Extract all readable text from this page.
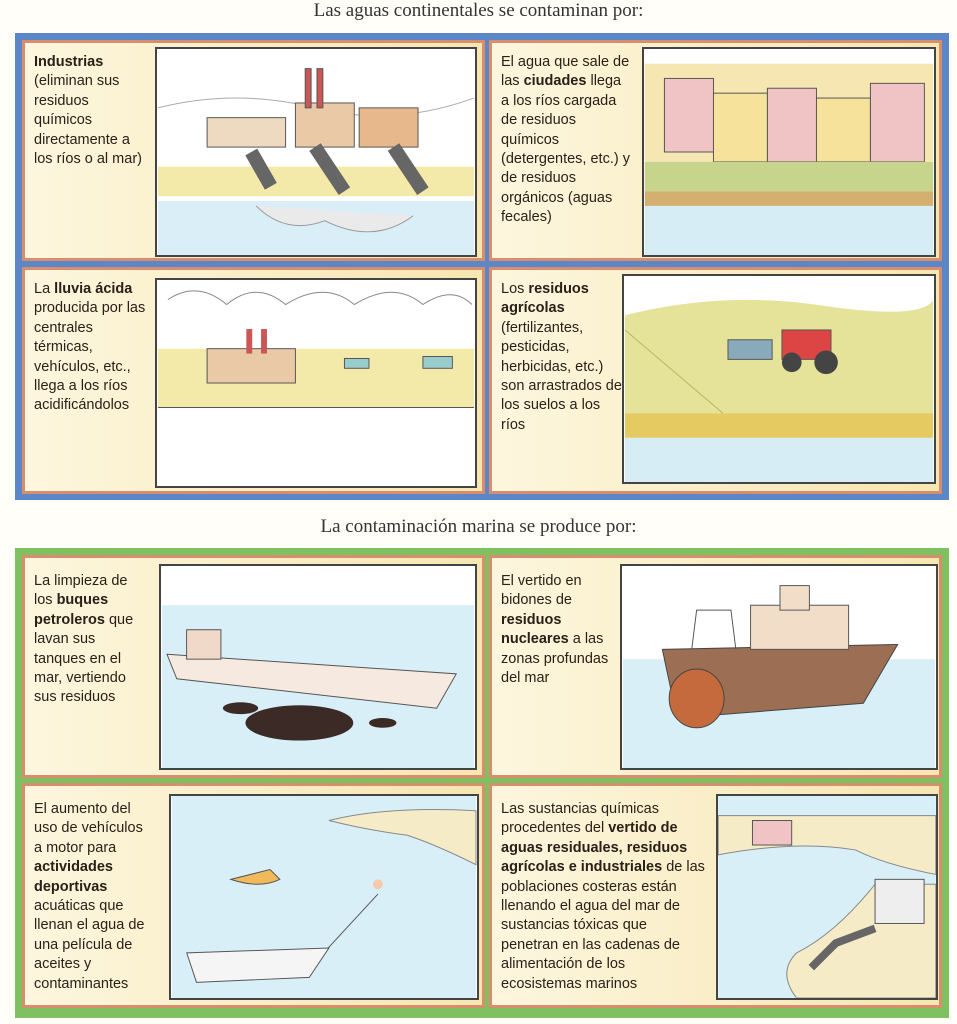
Las aguas continentales se contaminan por:
Industrias (eliminan sus residuos químicos directamente a los ríos o al mar)
El agua que sale de las ciudades llega a los ríos cargada de residuos químicos (detergentes, etc.) y de residuos orgánicos (aguas fecales)
La lluvia ácida producida por las centrales térmicas, vehículos, etc., llega a los ríos acidificándolos
Los residuos agrícolas (fertilizantes, pesticidas, herbicidas, etc.) son arrastrados de los suelos a los ríos
La contaminación marina se produce por:
La limpieza de los buques petroleros que lavan sus tanques en el mar, vertiendo sus residuos
El vertido en bidones de residuos nucleares a las zonas profundas del mar
El aumento del uso de vehículos a motor para actividades deportivas acuáticas que llenan el agua de una película de aceites y contaminantes
Las sustancias químicas procedentes del vertido de aguas residuales, residuos agrícolas e industriales de las poblaciones costeras están llenando el agua del mar de sustancias tóxicas que penetran en las cadenas de alimentación de los ecosistemas marinos
